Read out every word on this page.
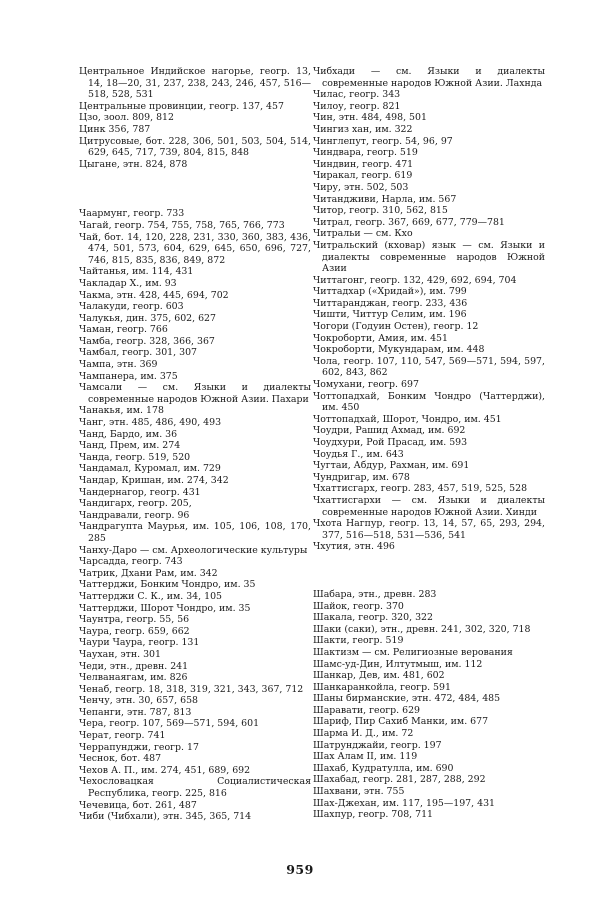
Центральное Индийское нагорье, геогр. 13, 14, 18—20, 31, 237, 238, 243, 246, 457, 516—518, 528, 531

Центральные провинции, геогр. 137, 457

Цзо, зоол. 809, 812

Цинк 356, 787

Цитрусовые, бот. 228, 306, 501, 503, 504, 514, 629, 645, 717, 739, 804, 815, 848

Цыгане, этн. 824, 878

Чаармунг, геогр. 733

Чагай, геогр. 754, 755, 758, 765, 766, 773

Чай, бот. 14, 120, 228, 231, 330, 360, 383, 436, 474, 501, 573, 604, 629, 645, 650, 696, 727, 746, 815, 835, 836, 849, 872

Чайтанья, им. 114, 431

Чакладар Х., им. 93

Чакма, этн. 428, 445, 694, 702

Чалакуди, геогр. 603

Чалукья, дин. 375, 602, 627

Чаман, геогр. 766

Чамба, геогр. 328, 366, 367

Чамбал, геогр. 301, 307

Чампа, этн. 369

Чампанера, им. 375

Чамсали — см. Языки и диалекты современные народов Южной Азии. Пахари

Чанакья, им. 178

Чанг, этн. 485, 486, 490, 493

Чанд, Бардо, им. 36

Чанд, Прем, им. 274

Чанда, геогр. 519, 520

Чандамал, Куромал, им. 729

Чандар, Кришан, им. 274, 342

Чандернагор, геогр. 431

Чандигарх, геогр. 205,

Чандравали, геогр. 96

Чандрагупта Маурья, им. 105, 106, 108, 170, 285

Чанху-Даро — см. Археологические культуры

Чарсадда, геогр. 743

Чатрик, Дхани Рам, им. 342

Чаттерджи, Бонким Чондро, им. 35

Чаттерджи С. К., им. 34, 105

Чаттерджи, Шорот Чондро, им. 35

Чаунтра, геогр. 55, 56

Чаура, геогр. 659, 662

Чаури Чаура, геогр. 131

Чаухан, этн. 301

Чеди, этн., древн. 241

Челванаягам, им. 826

Ченаб, геогр. 18, 318, 319, 321, 343, 367, 712

Ченчу, этн. 30, 657, 658

Чепанги, этн. 787, 813

Чера, геогр. 107, 569—571, 594, 601

Черат, геогр. 741

Черрапунджи, геогр. 17

Чеснок, бот. 487

Чехов А. П., им. 274, 451, 689, 692

Чехословацкая Социалистическая Республика, геогр. 225, 816

Чечевица, бот. 261, 487

Чиби (Чибхали), этн. 345, 365, 714

Чибхади — см. Языки и диалекты современные народов Южной Азии. Лахнда

Чилас, геогр. 343

Чилоу, геогр. 821

Чин, этн. 484, 498, 501

Чингиз хан, им. 322

Чинглепут, геогр. 54, 96, 97

Чиндвара, геогр. 519

Чиндвин, геогр. 471

Чиракал, геогр. 619

Чиру, этн. 502, 503

Читандживи, Нарла, им. 567

Читор, геогр. 310, 562, 815

Читрал, геогр. 367, 669, 677, 779—781

Читральи — см. Кхо

Читральский (кховар) язык — см. Языки и диалекты современные народов Южной Азии

Читтагонг, геогр. 132, 429, 692, 694, 704

Читтадхар («Хридай»), им. 799

Читтаранджан, геогр. 233, 436

Чишти, Читтур Селим, им. 196

Чогори (Годуин Остен), геогр. 12

Чокроборти, Амия, им. 451

Чокроборти, Мукундарам, им. 448

Чола, геогр. 107, 110, 547, 569—571, 594, 597, 602, 843, 862

Чомухани, геогр. 697

Чоттопадхай, Бонким Чондро (Чаттерджи), им. 450

Чоттопадхай, Шорот, Чондро, им. 451

Чоудри, Рашид Ахмад, им. 692

Чоудхури, Рой Прасад, им. 593

Чоудья Г., им. 643

Чугтаи, Абдур, Рахман, им. 691

Чундригар, им. 678

Чхаттисгарх, геогр. 283, 457, 519, 525, 528

Чхаттисгархи — см. Языки и диалекты современные народов Южной Азии. Хинди

Чхота Нагпур, геогр. 13, 14, 57, 65, 293, 294, 377, 516—518, 531—536, 541

Чхутия, этн. 496

Шабара, этн., древн. 283

Шайок, геогр. 370

Шакала, геогр. 320, 322

Шаки (саки), этн., древн. 241, 302, 320, 718

Шакти, геогр. 519

Шактизм — см. Религиозные верования

Шамс-уд-Дин, Илтутмыш, им. 112

Шанкар, Дев, им. 481, 602

Шанкаранкойла, геогр. 591

Шаны бирманские, этн. 472, 484, 485

Шаравати, геогр. 629

Шариф, Пир Сахиб Манки, им. 677

Шарма И. Д., им. 72

Шатрунджайи, геогр. 197

Шах Алам II, им. 119

Шахаб, Кудратулла, им. 690

Шахабад, геогр. 281, 287, 288, 292

Шахвани, этн. 755

Шах-Джехан, им. 117, 195—197, 431

Шахпур, геогр. 708, 711

959
